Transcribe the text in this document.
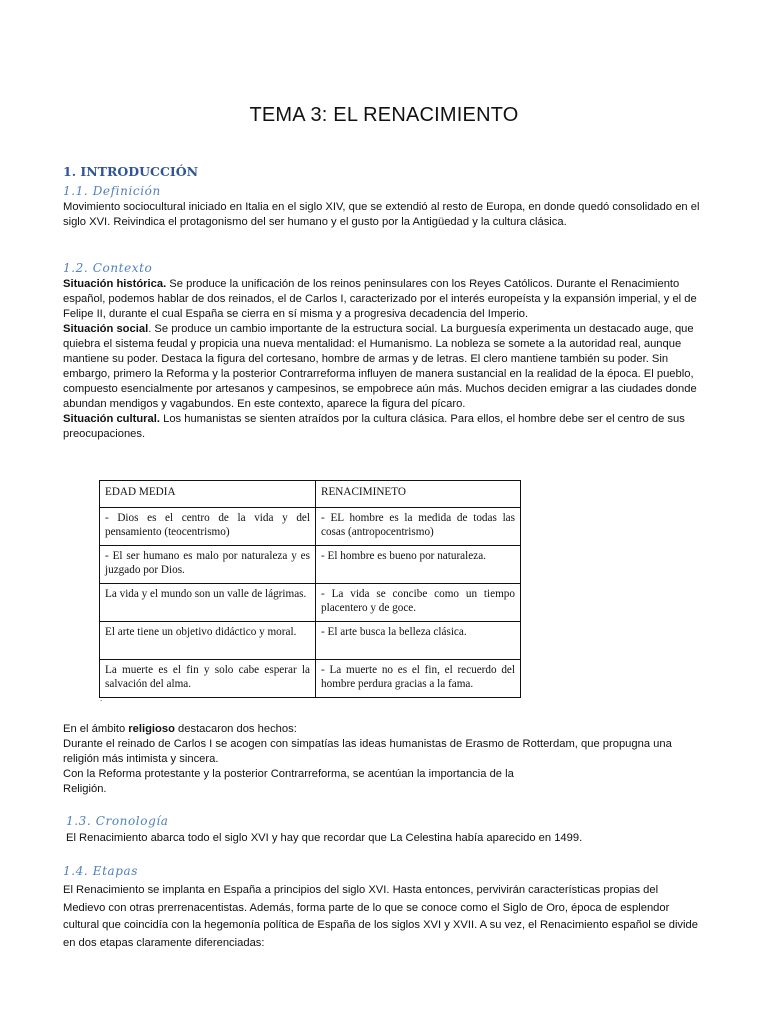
TEMA 3: EL RENACIMIENTO
1. INTRODUCCIÓN
1.1. Definición

Movimiento sociocultural iniciado en Italia en el siglo XIV, que se extendió al resto de Europa, en donde quedó consolidado en el siglo XVI. Reivindica el protagonismo del ser humano y el gusto por la Antigüedad y la cultura clásica.

1.2. Contexto

Situación histórica. Se produce la unificación de los reinos peninsulares con los Reyes Católicos. Durante el Renacimiento español, podemos hablar de dos reinados, el de Carlos I, caracterizado por el interés europeísta y la expansión imperial, y el de Felipe II, durante el cual España se cierra en sí misma y a progresiva decadencia del Imperio.

Situación social. Se produce un cambio importante de la estructura social. La burguesía experimenta un destacado auge, que quiebra el sistema feudal y propicia una nueva mentalidad: el Humanismo. La nobleza se somete a la autoridad real, aunque mantiene su poder. Destaca la figura del cortesano, hombre de armas y de letras. El clero mantiene también su poder. Sin embargo, primero la Reforma y la posterior Contrarreforma influyen de manera sustancial en la realidad de la época. El pueblo, compuesto esencialmente por artesanos y campesinos, se empobrece aún más. Muchos deciden emigrar a las ciudades donde abundan mendigos y vagabundos. En este contexto, aparece la figura del pícaro.

Situación cultural. Los humanistas se sienten atraídos por la cultura clásica. Para ellos, el hombre debe ser el centro de sus preocupaciones.

EDAD MEDIA	RENACIMINETO
- Dios es el centro de la vida y del pensamiento (teocentrismo)	- EL hombre es la medida de todas las cosas (antropocentrismo)
- El ser humano es malo por naturaleza y es juzgado por Dios.	- El hombre es bueno por naturaleza.
La vida y el mundo son un valle de lágrimas.	- La vida se concibe como un tiempo placentero y de goce.
El arte tiene un objetivo didáctico y moral.	- El arte busca la belleza clásica.
La muerte es el fin y solo cabe esperar la salvación del alma.	- La muerte no es el fin, el recuerdo del hombre perdura gracias a la fama.
.

En el ámbito religioso destacaron dos hechos:

Durante el reinado de Carlos I se acogen con simpatías las ideas humanistas de Erasmo de Rotterdam, que propugna una religión más intimista y sincera.

Con la Reforma protestante y la posterior Contrarreforma, se acentúan la importancia de la

Religión.

1.3. Cronología

El Renacimiento abarca todo el siglo XVI y hay que recordar que La Celestina había aparecido en 1499.

1.4. Etapas

El Renacimiento se implanta en España a principios del siglo XVI. Hasta entonces, pervivirán características propias del Medievo con otras prerrenacentistas. Además, forma parte de lo que se conoce como el Siglo de Oro, época de esplendor cultural que coincidía con la hegemonía política de España de los siglos XVI y XVII. A su vez, el Renacimiento español se divide en dos etapas claramente diferenciadas:
